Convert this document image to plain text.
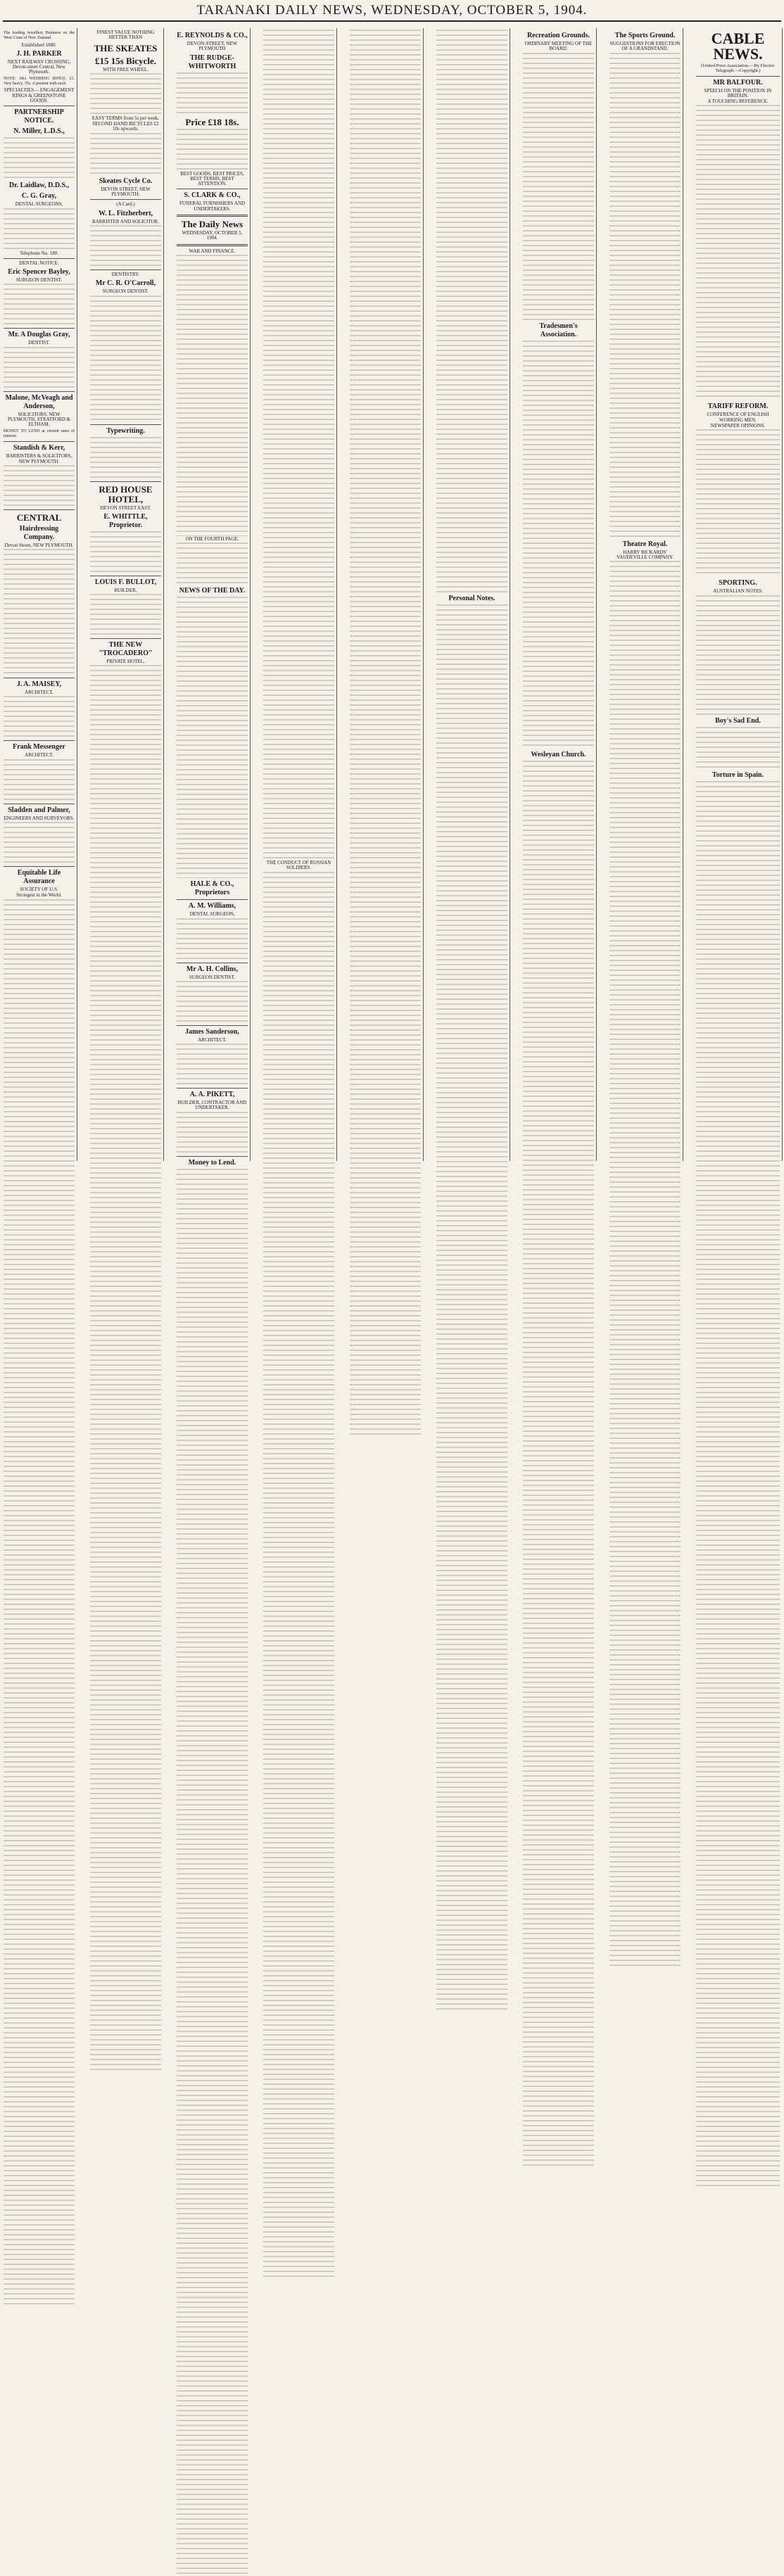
TARANAKI DAILY NEWS, WEDNESDAY, OCTOBER 5, 1904.
The leading Jewellery Business on the West Coast of New Zealand.
Established 1880.
J. H. PARKER
NEXT RAILWAY CROSSING, Devon-street Central, New Plymouth.
NOTE: 18ct WEDDING RINGS, £1. Very heavy, 35s. A present with each.
SPECIALTIES— ENGAGEMENT RINGS & GREENSTONE GOODS.
PARTNERSHIP NOTICE.
N. Miller, L.D.S.,
Dr. Laidlaw, D.D.S.,
C. G. Gray,
DENTAL SURGEONS,
Telephone No. 180.
DENTAL NOTICE.
Eric Spencer Bayley,
SURGEON DENTIST.
Mr. A Douglas Gray,
DENTIST.
Malone, McVeagh and Anderson,
SOLICITORS, NEW PLYMOUTH, STRATFORD & ELTHAM.
MONEY TO LEND at current rates of interest.
Standish & Kerr,
BARRISTERS & SOLICITORS, NEW PLYMOUTH.
CENTRAL
Hairdressing Company.
Devon Street, NEW PLYMOUTH.
J. A. MAISEY,
ARCHITECT.
Frank Messenger
ARCHITECT.
Sladden and Palmer,
ENGINEERS AND SURVEYORS.
Equitable Life Assurance
SOCIETY OF U.S.
Strongest in the World.
FINEST VALUE NOTHING BETTER THAN
THE SKEATES
£15 15s Bicycle.
WITH FREE WHEEL.
EASY TERMS from 5s per week.
SECOND HAND BICYCLES £2 10s upwards.
Skeates Cycle Co.
DEVON STREET, NEW PLYMOUTH.
(A Card.)
W. L. Fitzherbert,
BARRISTER AND SOLICITOR.
DENTISTRY.
Mr C. R. O'Carroll,
SURGEON DENTIST.
Typewriting.
RED HOUSE HOTEL,
DEVON STREET EAST.
E. WHITTLE, Proprietor.
LOUIS F. BULLOT,
BUILDER,
THE NEW "TROCADERO"
PRIVATE HOTEL,
E. REYNOLDS & CO.,
DEVON-STREET, NEW PLYMOUTH
THE RUDGE-WHITWORTH
Price £18 18s.
BEST GOODS, BEST PRICES, BEST TERMS, BEST ATTENTION.
S. CLARK & CO.,
FUNERAL FURNISHERS AND UNDERTAKERS.
The Daily News
WEDNESDAY, OCTOBER 5, 1904.
WAR AND FINANCE.
ON THE FOURTH PAGE.
NEWS OF THE DAY.
HALE & CO., Proprietors
A. M. Williams,
DENTAL SURGEON,
Mr A. H. Collins,
SURGEON DENTIST.
James Sanderson,
ARCHITECT.
A. A. PIKETT,
BUILDER, CONTRACTOR AND UNDERTAKER.
Money to Lend.
THE CONDUCT OF RUSSIAN SOLDIERS.
Personal Notes.
Recreation Grounds.
ORDINARY MEETING OF THE BOARD.
Tradesmen's Association.
Wesleyan Church.
The Sports Ground.
SUGGESTIONS FOR ERECTION OF A GRANDSTAND.
Theatre Royal.
HARRY RICKARDS' VAUDEVILLE COMPANY.
CABLE NEWS.
(United Press Association.—By Electric Telegraph.—Copyright.)
MR BALFOUR.
SPEECH ON THE POSITION IN BRITAIN.
A TOUCHING REFERENCE.
TARIFF REFORM.
CONFERENCE OF ENGLISH WORKING MEN.
NEWSPAPER OPINIONS.
SPORTING.
AUSTRALIAN NOTES.
Boy's Sad End.
Torture in Spain.
